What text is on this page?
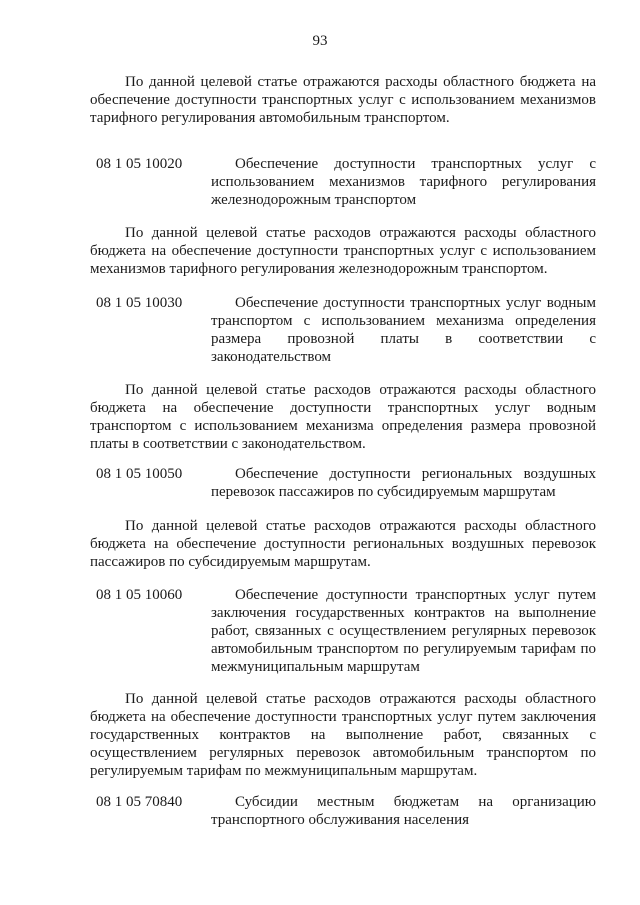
93

По данной целевой статье отражаются расходы областного бюджета на обеспечение доступности транспортных услуг с использованием механизмов тарифного регулирования автомобильным транспортом.

08 1 05 10020	Обеспечение доступности транспортных услуг с использованием механизмов тарифного регулирования железнодорожным транспортом

По данной целевой статье расходов отражаются расходы областного бюджета на обеспечение доступности транспортных услуг с использованием механизмов тарифного регулирования железнодорожным транспортом.

08 1 05 10030	Обеспечение доступности транспортных услуг водным транспортом с использованием механизма определения размера провозной платы в соответствии с законодательством

По данной целевой статье расходов отражаются расходы областного бюджета на обеспечение доступности транспортных услуг водным транспортом с использованием механизма определения размера провозной платы в соответствии с законодательством.

08 1 05 10050	Обеспечение доступности региональных воздушных перевозок пассажиров по субсидируемым маршрутам

По данной целевой статье расходов отражаются расходы областного бюджета на обеспечение доступности региональных воздушных перевозок пассажиров по субсидируемым маршрутам.

08 1 05 10060	Обеспечение доступности транспортных услуг путем заключения государственных контрактов на выполнение работ, связанных с осуществлением регулярных перевозок автомобильным транспортом по регулируемым тарифам по межмуниципальным маршрутам

По данной целевой статье расходов отражаются расходы областного бюджета на обеспечение доступности транспортных услуг путем заключения государственных контрактов на выполнение работ, связанных с осуществлением регулярных перевозок автомобильным транспортом по регулируемым тарифам по межмуниципальным маршрутам.

08 1 05 70840	Субсидии местным бюджетам на организацию транспортного обслуживания населения
